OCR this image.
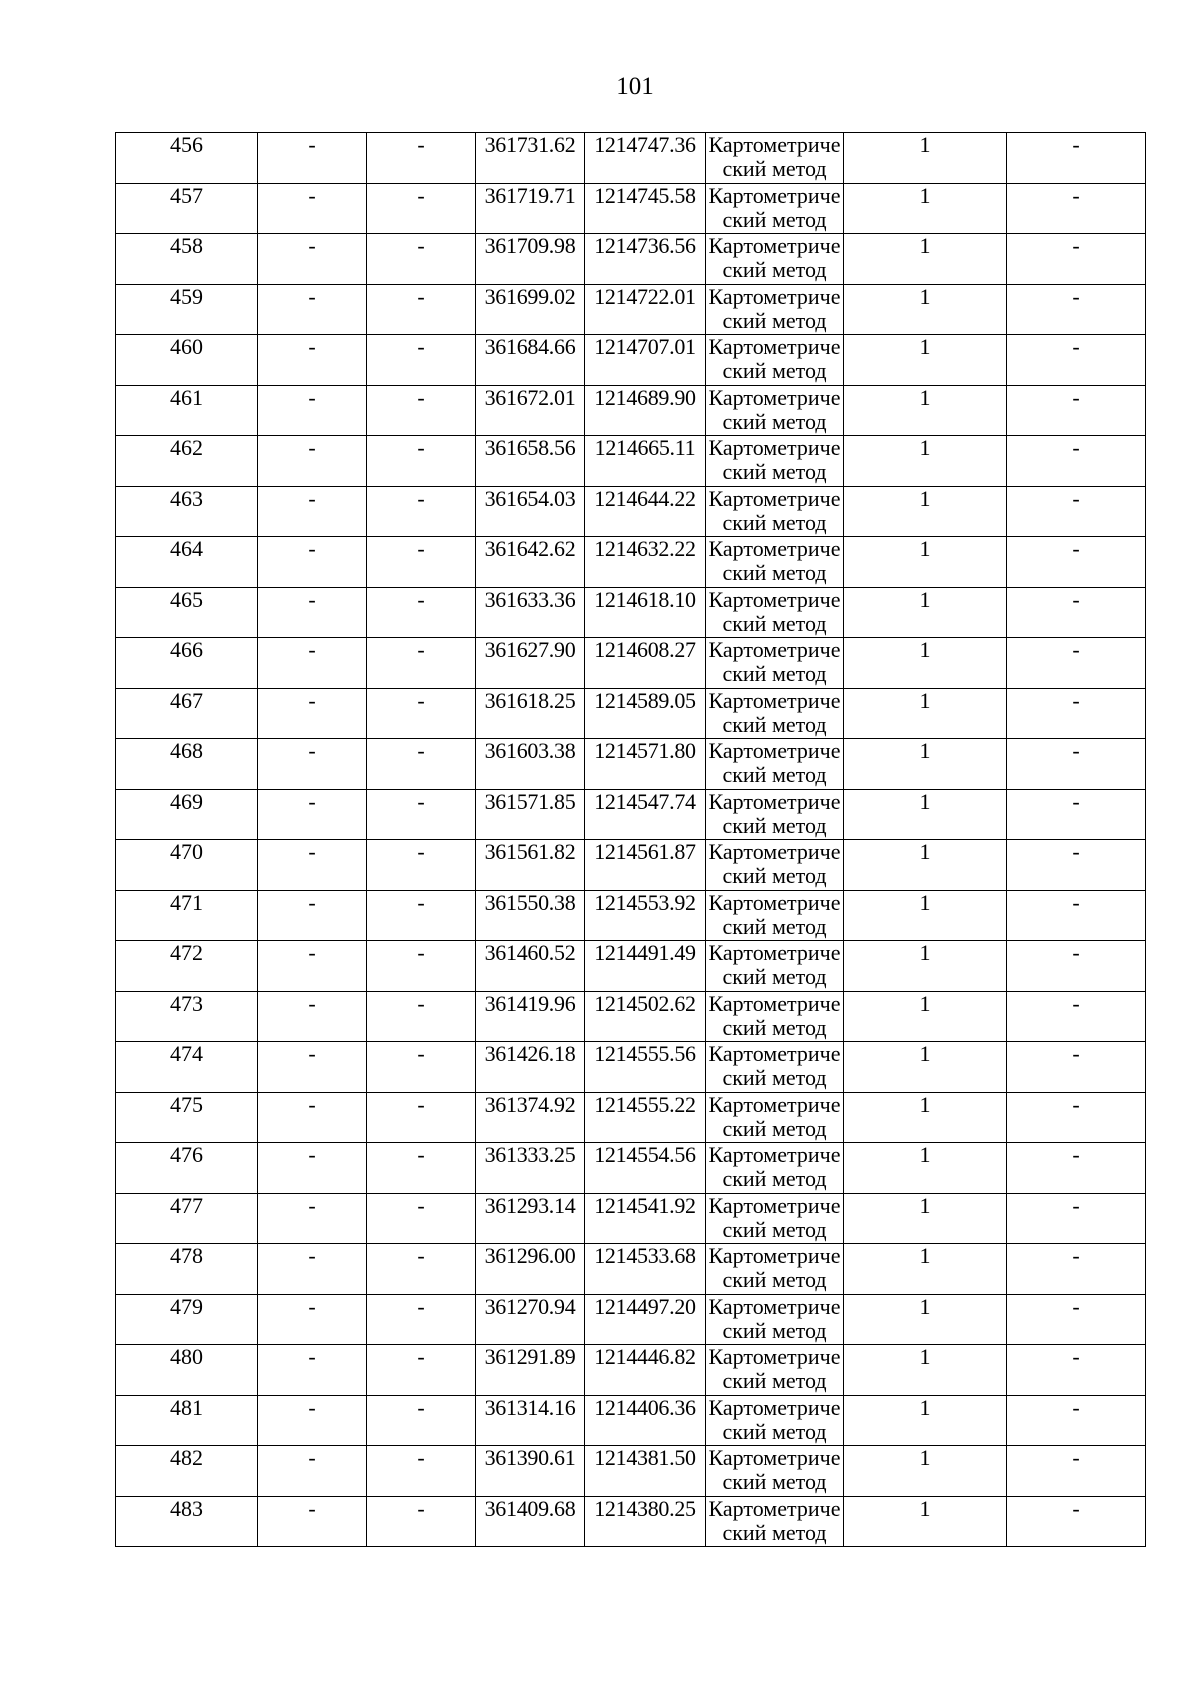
101
456	-	-	361731.62	1214747.36	Картометрический метод	1	-
457	-	-	361719.71	1214745.58	Картометрический метод	1	-
458	-	-	361709.98	1214736.56	Картометрический метод	1	-
459	-	-	361699.02	1214722.01	Картометрический метод	1	-
460	-	-	361684.66	1214707.01	Картометрический метод	1	-
461	-	-	361672.01	1214689.90	Картометрический метод	1	-
462	-	-	361658.56	1214665.11	Картометрический метод	1	-
463	-	-	361654.03	1214644.22	Картометрический метод	1	-
464	-	-	361642.62	1214632.22	Картометрический метод	1	-
465	-	-	361633.36	1214618.10	Картометрический метод	1	-
466	-	-	361627.90	1214608.27	Картометрический метод	1	-
467	-	-	361618.25	1214589.05	Картометрический метод	1	-
468	-	-	361603.38	1214571.80	Картометрический метод	1	-
469	-	-	361571.85	1214547.74	Картометрический метод	1	-
470	-	-	361561.82	1214561.87	Картометрический метод	1	-
471	-	-	361550.38	1214553.92	Картометрический метод	1	-
472	-	-	361460.52	1214491.49	Картометрический метод	1	-
473	-	-	361419.96	1214502.62	Картометрический метод	1	-
474	-	-	361426.18	1214555.56	Картометрический метод	1	-
475	-	-	361374.92	1214555.22	Картометрический метод	1	-
476	-	-	361333.25	1214554.56	Картометрический метод	1	-
477	-	-	361293.14	1214541.92	Картометрический метод	1	-
478	-	-	361296.00	1214533.68	Картометрический метод	1	-
479	-	-	361270.94	1214497.20	Картометрический метод	1	-
480	-	-	361291.89	1214446.82	Картометрический метод	1	-
481	-	-	361314.16	1214406.36	Картометрический метод	1	-
482	-	-	361390.61	1214381.50	Картометрический метод	1	-
483	-	-	361409.68	1214380.25	Картометрический метод	1	-
